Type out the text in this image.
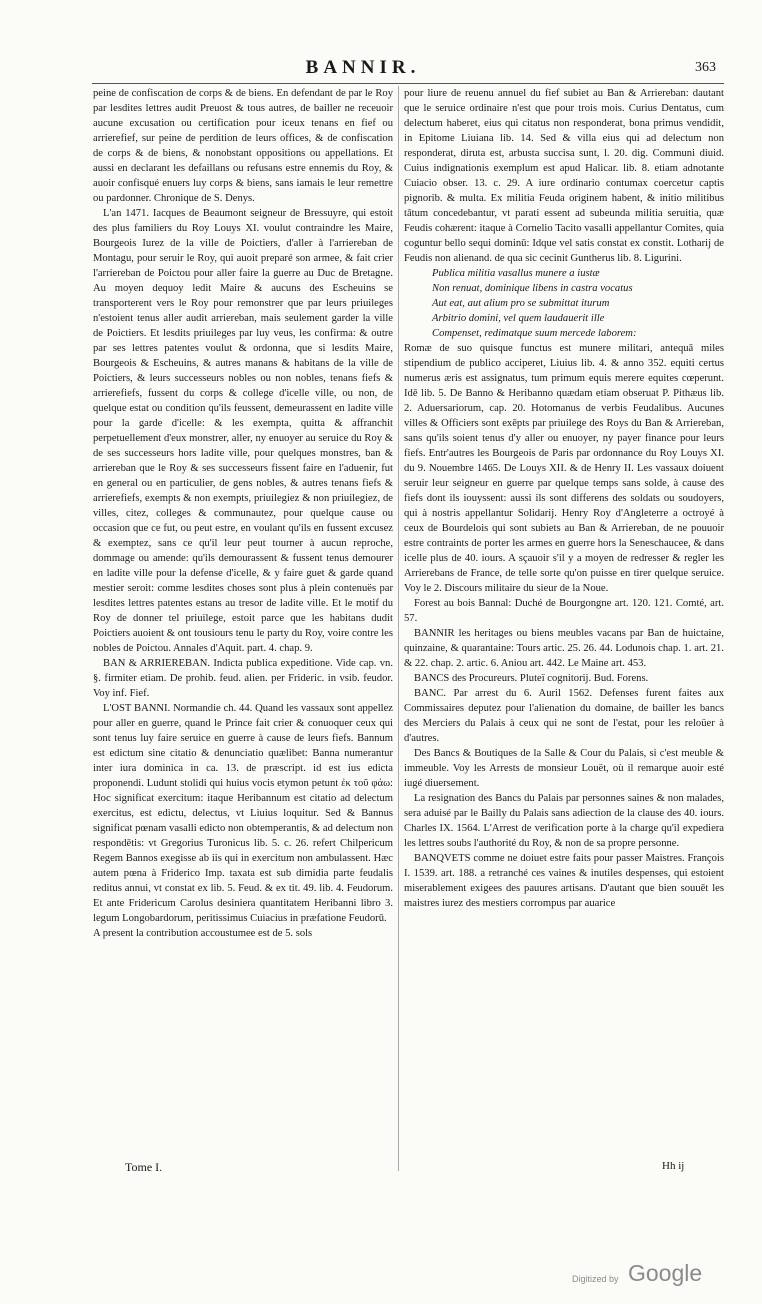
BANNIR.	363

peine de confiscation de corps & de biens. En defendant de par le Roy par lesdites lettres audit Preuost & tous autres, de bailler ne receuoir aucune excusation ou certification pour iceux tenans en fief ou arrierefief, sur peine de perdition de leurs offices, & de confiscation de corps & de biens, & nonobstant oppositions ou appellations. Et aussi en declarant les defaillans ou refusans estre ennemis du Roy, & auoir confisqué enuers luy corps & biens, sans iamais le leur remettre ou pardonner. Chronique de S. Denys.

L'an 1471. Iacques de Beaumont seigneur de Bressuyre, qui estoit des plus familiers du Roy Louys XI. voulut contraindre les Maire, Bourgeois Iurez de la ville de Poictiers, d'aller à l'arriereban de Montagu, pour seruir le Roy, qui auoit preparé son armee, & fait crier l'arriereban de Poictou pour aller faire la guerre au Duc de Bretagne. Au moyen dequoy ledit Maire & aucuns des Escheuins se transporterent vers le Roy pour remonstrer que par leurs priuileges n'estoient tenus aller audit arriereban, mais seulement garder la ville de Poictiers. Et lesdits priuileges par luy veus, les confirma: & outre par ses lettres patentes voulut & ordonna, que si lesdits Maire, Bourgeois & Escheuins, & autres manans & habitans de la ville de Poictiers, & leurs successeurs nobles ou non nobles, tenans fiefs & arrierefiefs, fussent du corps & college d'icelle ville, ou non, de quelque estat ou condition qu'ils feussent, demeurassent en ladite ville pour la garde d'icelle: & les exempta, quitta & affranchit perpetuellement d'eux monstrer, aller, ny enuoyer au seruice du Roy & de ses successeurs hors ladite ville, pour quelques monstres, ban & arriereban que le Roy & ses successeurs fissent faire en l'aduenir, fut en general ou en particulier, de gens nobles, & autres tenans fiefs & arrierefiefs, exempts & non exempts, priuilegiez & non priuilegiez, de villes, citez, colleges & communautez, pour quelque cause ou occasion que ce fut, ou peut estre, en voulant qu'ils en fussent excusez & exemptez, sans ce qu'il leur peut tourner à aucun reproche, dommage ou amende: qu'ils demourassent & fussent tenus demourer en ladite ville pour la defense d'icelle, & y faire guet & garde quand mestier seroit: comme lesdites choses sont plus à plein contenuës par lesdites lettres patentes estans au tresor de ladite ville. Et le motif du Roy de donner tel priuilege, estoit parce que les habitans dudit Poictiers auoient & ont tousiours tenu le party du Roy, voire contre les nobles de Poictou. Annales d'Aquit. part. 4. chap. 9.

BAN & ARRIEREBAN. Indicta publica expeditione. Vide cap. vn. §. firmiter etiam. De prohib. feud. alien. per Frideric. in vsib. feudor. Voy inf. Fief.

L'OST BANNI. Normandie ch. 44. Quand les vassaux sont appellez pour aller en guerre, quand le Prince fait crier & conuoquer ceux qui sont tenus luy faire seruice en guerre à cause de leurs fiefs. Bannum est edictum sine citatio & denunciatio quælibet: Banna numerantur inter iura dominica in ca. 13. de præscript. id est ius edicta proponendi. Ludunt stolidi qui huius vocis etymon petunt ἐκ τοῦ φάω: Hoc significat exercitum: itaque Heribannum est citatio ad delectum exercitus, est edictu, delectus, vt Liuius loquitur. Sed & Bannus significat pœnam vasalli edicto non obtemperantis, & ad delectum non respondētis: vt Gregorius Turonicus lib. 5. c. 26. refert Chilpericum Regem Bannos exegisse ab iis qui in exercitum non ambulassent. Hæc autem pœna à Friderico Imp. taxata est sub dimidia parte feudalis reditus annui, vt constat ex lib. 5. Feud. & ex tit. 49. lib. 4. Feudorum. Et ante Fridericum Carolus desiniera quantitatem Heribanni libro 3. legum Longobardorum, peritissimus Cuiacius in præfatione Feudorū.

A present la contribution accoustumee est de 5. sols

pour liure de reuenu annuel du fief subiet au Ban & Arriereban: dautant que le seruice ordinaire n'est que pour trois mois. Curius Dentatus, cum delectum haberet, eius qui citatus non responderat, bona primus vendidit, in Epitome Liuiana lib. 14. Sed & villa eius qui ad delectum non responderat, diruta est, arbusta succisa sunt, l. 20. dig. Communi diuid. Cuius indignationis exemplum est apud Halicar. lib. 8. etiam adnotante Cuiacio obser. 13. c. 29. A iure ordinario contumax coercetur captis pignorib. & multa. Ex militia Feuda originem habent, & initio militibus tātum concedebantur, vt parati essent ad subeunda militia seruitia, quæ Feudis cohærent: itaque à Cornelio Tacito vasalli appellantur Comites, quia coguntur bello sequi dominū: Idque vel satis constat ex constit. Lotharij de Feudis non alienand. de qua sic cecinit Guntherus lib. 8. Ligurini.

Publica militia vasallus munere a iustæ

Non renuat, dominique libens in castra vocatus

Aut eat, aut alium pro se submittat iturum

Arbitrio domini, vel quem laudauerit ille

Compenset, redimatque suum mercede laborem:

Romæ de suo quisque functus est munere militari, antequā miles stipendium de publico acciperet, Liuius lib. 4. & anno 352. equiti certus numerus æris est assignatus, tum primum equis merere equites cœperunt. Idē lib. 5. De Banno & Heribanno quædam etiam obseruat P. Pithæus lib. 2. Aduersariorum, cap. 20. Hotomanus de verbis Feudalibus. Aucunes villes & Officiers sont exēpts par priuilege des Roys du Ban & Arriereban, sans qu'ils soient tenus d'y aller ou enuoyer, ny payer finance pour leurs fiefs. Entr'autres les Bourgeois de Paris par ordonnance du Roy Louys XI. du 9. Nouembre 1465. De Louys XII. & de Henry II. Les vassaux doiuent seruir leur seigneur en guerre par quelque temps sans solde, à cause des fiefs dont ils iouyssent: aussi ils sont differens des soldats ou soudoyers, qui à nostris appellantur Solidarij. Henry Roy d'Angleterre a octroyé à ceux de Bourdelois qui sont subiets au Ban & Arriereban, de ne pouuoir estre contraints de porter les armes en guerre hors la Seneschaucee, & dans icelle plus de 40. iours. A sçauoir s'il y a moyen de redresser & regler les Arrierebans de France, de telle sorte qu'on puisse en tirer quelque seruice. Voy le 2. Discours militaire du sieur de la Noue.

Forest au bois Bannal: Duché de Bourgongne art. 120. 121. Comté, art. 57.

BANNIR les heritages ou biens meubles vacans par Ban de huictaine, quinzaine, & quarantaine: Tours artic. 25. 26. 44. Lodunois chap. 1. art. 21. & 22. chap. 2. artic. 6. Aniou art. 442. Le Maine art. 453.

BANCS des Procureurs. Pluteï cognitorij. Bud. Forens.

BANC. Par arrest du 6. Auril 1562. Defenses furent faites aux Commissaires deputez pour l'alienation du domaine, de bailler les bancs des Merciers du Palais à ceux qui ne sont de l'estat, pour les reloüer à d'autres.

Des Bancs & Boutiques de la Salle & Cour du Palais, si c'est meuble & immeuble. Voy les Arrests de monsieur Louët, où il remarque auoir esté iugé diuersement.

La resignation des Bancs du Palais par personnes saines & non malades, sera aduisé par le Bailly du Palais sans adiection de la clause des 40. iours. Charles IX. 1564. L'Arrest de verification porte à la charge qu'il expediera les lettres soubs l'authorité du Roy, & non de sa propre personne.

BANQVETS comme ne doiuet estre faits pour passer Maistres. François I. 1539. art. 188. a retranché ces vaines & inutiles despenses, qui estoient miserablement exigees des pauures artisans. D'autant que bien souuēt les maistres iurez des mestiers corrompus par auarice

Tome I.	Hh ij
Digitized by Google
